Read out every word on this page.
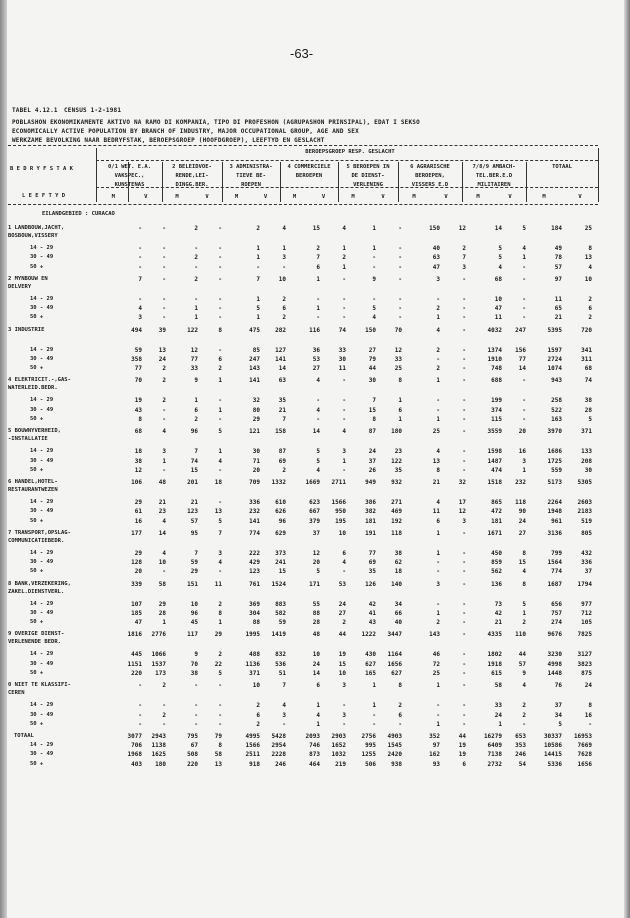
-63-
TABEL 4.12.1 CENSUS 1-2-1981
POBLASHON EKONOMIKAMENTE AKTIVO NA RAMO DI KOMPANIA, TIPO DI PROFESHON (AGRUPASHON PRINSIPAL), EDAT I SEKSO
ECONOMICALLY ACTIVE POPULATION BY BRANCH OF INDUSTRY, MAJOR OCCUPATIONAL GROUP, AGE AND SEX
WERKZAME BEVOLKING NAAR BEDRYFSTAK, BEROEPSGROEP (HOOFDGROEP), LEEFTYD EN GESLACHT
BEROEPSGROEP RESP. GESLACHT
B E D R Y F S T A K
L E E F T Y D
0/1 WET. E.A.
VAKSPEC.,
KUNSTENAS
M	V
2 BELEIDVOE-
RENDE,LEI-
DINGG.BER.
M	V
3 ADMINISTRA-
TIEVE BE-
ROEPEN
M	V
4 COMMERCIELE
BEROEPEN
M	V
5 BEROEPEN IN
DE DIENST-
VERLENING
M	V
6 AGRARISCHE
BEROEPEN,
VISSERS E.D
M	V
7/8/9 AMBACH-
TEL.BER.E.D
MILITAIREN
M	V
TOTAAL
M	V
EILANDGEBIED : CURACAO
1 LANDBOUW,JACHT,
BOSBOUW,VISSERY
-	-	2	-	2	4	15	4	1	-	150	12	14	5	184	25
14 - 29	-	-	-	-	1	1	2	1	1	-	40	2	5	4	49	8
30 - 49	-	-	2	-	1	3	7	2	-	-	63	7	5	1	78	13
50 +	-	-	-	-	-	-	6	1	-	-	47	3	4	-	57	4
2 MYNBOUW EN
DELVERY
7	-	2	-	7	10	1	-	9	-	3	-	68	-	97	10
14 - 29	-	-	-	-	1	2	-	-	-	-	-	-	10	-	11	2
30 - 49	4	-	1	-	5	6	1	-	5	-	2	-	47	-	65	6
50 +	3	-	1	-	1	2	-	-	4	-	1	-	11	-	21	2
3 INDUSTRIE	494	39	122	8	475	282	116	74	150	70	4	-	4032	247	5395	720
14 - 29	59	13	12	-	85	127	36	33	27	12	2	-	1374	156	1597	341
30 - 49	358	24	77	6	247	141	53	30	79	33	-	-	1910	77	2724	311
50 +	77	2	33	2	143	14	27	11	44	25	2	-	748	14	1074	68
4 ELEKTRICIT.-,GAS-
WATERLEID.BEDR.
70	2	9	1	141	63	4	-	30	8	1	-	688	-	943	74
14 - 29	19	2	1	-	32	35	-	-	7	1	-	-	199	-	258	38
30 - 49	43	-	6	1	80	21	4	-	15	6	-	-	374	-	522	28
50 +	8	-	2	-	29	7	-	-	8	1	1	-	115	-	163	5
5 BOUWNYVERHEID,
-INSTALLATIE
68	4	96	5	121	158	14	4	87	180	25	-	3559	20	3970	371
14 - 29	18	3	7	1	30	87	5	3	24	23	4	-	1598	16	1686	133
30 - 49	38	1	74	4	71	69	5	1	37	122	13	-	1487	3	1725	208
50 +	12	-	15	-	20	2	4	-	26	35	8	-	474	1	559	30
6 HANDEL,HOTEL-
RESTAURANTWEZEN
106	48	201	18	709	1332	1669	2711	949	932	21	32	1518	232	5173	5305
14 - 29	29	21	21	-	336	610	623	1566	386	271	4	17	865	118	2264	2603
30 - 49	61	23	123	13	232	626	667	950	382	469	11	12	472	90	1948	2183
50 +	16	4	57	5	141	96	379	195	181	192	6	3	181	24	961	519
7 TRANSPORT,OPSLAG-
COMMUNICATIEBEDR.
177	14	95	7	774	629	37	10	191	118	1	-	1671	27	3136	805
14 - 29	29	4	7	3	222	373	12	6	77	38	1	-	450	8	799	432
30 - 49	128	10	59	4	429	241	20	4	69	62	-	-	859	15	1564	336
50 +	20	-	29	-	123	15	5	-	35	18	-	-	562	4	774	37
8 BANK,VERZEKERING,
ZAKEL.DIENSTVERL.
339	58	151	11	761	1524	171	53	126	140	3	-	136	8	1687	1794
14 - 29	107	29	10	2	369	883	55	24	42	34	-	-	73	5	656	977
30 - 49	185	28	96	8	304	582	88	27	41	66	1	-	42	1	757	712
50 +	47	1	45	1	88	59	28	2	43	40	2	-	21	2	274	105
9 OVERIGE DIENST-
VERLENENDE BEDR.
1816	2776	117	29	1995	1419	48	44	1222	3447	143	-	4335	110	9676	7825
14 - 29	445	1066	9	2	488	832	10	19	430	1164	46	-	1802	44	3230	3127
30 - 49	1151	1537	70	22	1136	536	24	15	627	1656	72	-	1918	57	4998	3823
50 +	220	173	38	5	371	51	14	10	165	627	25	-	615	9	1448	875
0 NIET TE KLASSIFI-
CEREN
-	2	-	-	10	7	6	3	1	8	1	-	58	4	76	24
14 - 29	-	-	-	-	2	4	1	-	1	2	-	-	33	2	37	8
30 - 49	-	2	-	-	6	3	4	3	-	6	-	-	24	2	34	16
50 +	-	-	-	-	2	-	1	-	-	-	1	-	1	-	5	-
TOTAAL	3077	2943	795	79	4995	5428	2093	2903	2756	4903	352	44	16279	653	30337	16953
14 - 29	706	1138	67	8	1566	2954	746	1652	995	1545	97	19	6409	353	10586	7669
30 - 49	1968	1625	508	58	2511	2228	873	1032	1255	2420	162	19	7138	246	14415	7628
50 +	403	180	220	13	918	246	464	219	506	938	93	6	2732	54	5336	1656
